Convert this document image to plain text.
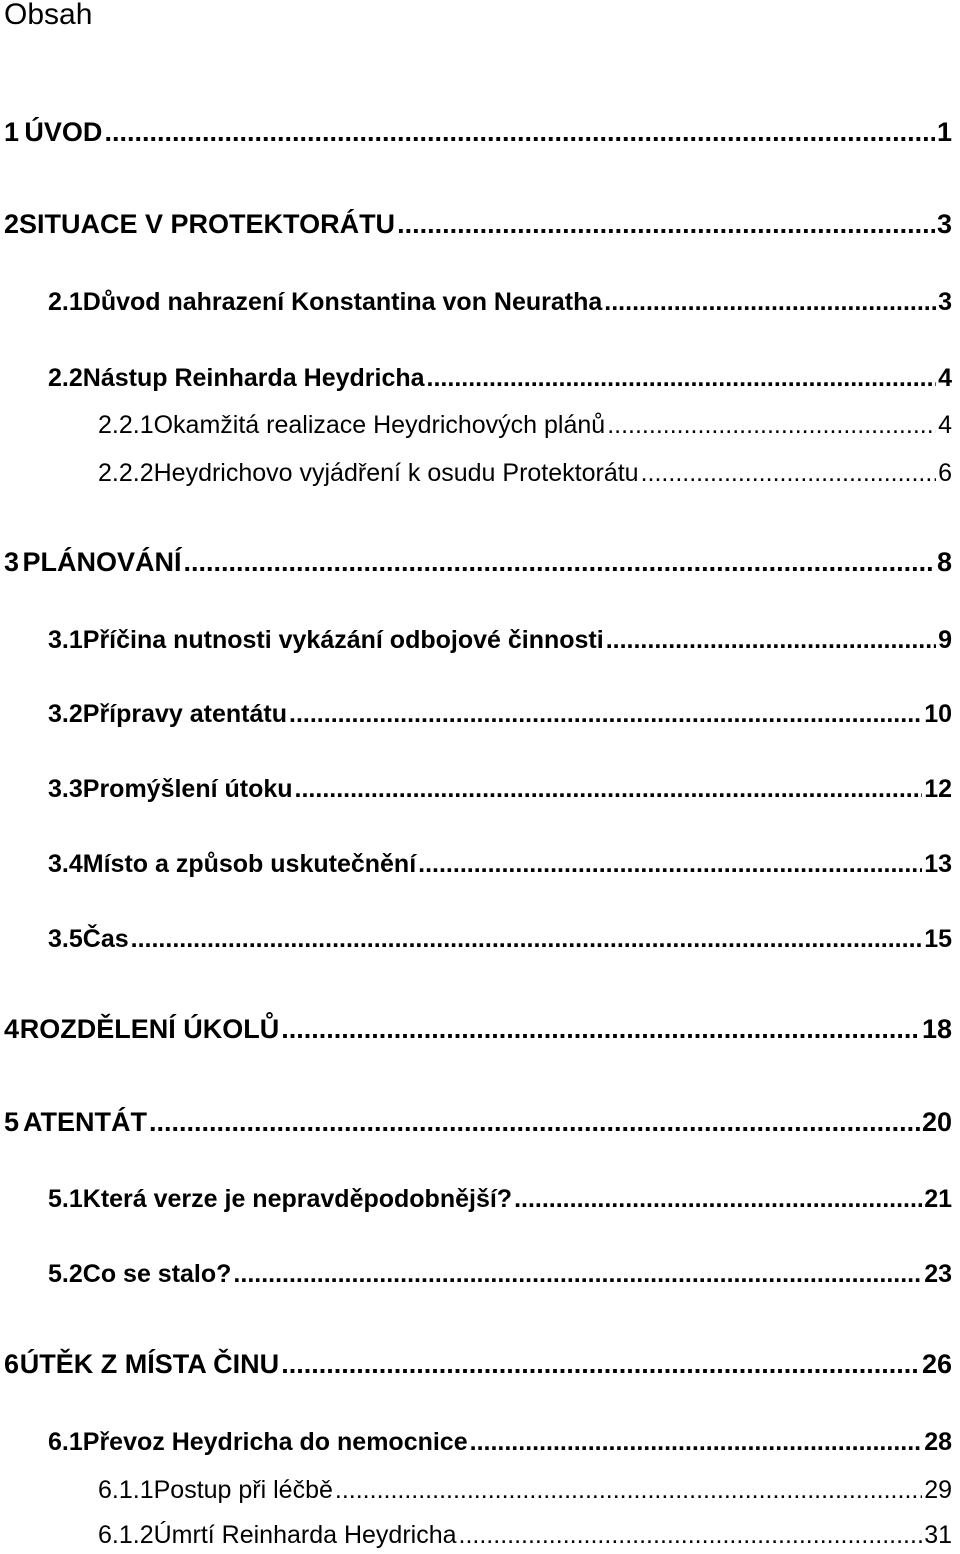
Obsah
1 ÚVOD .....	1
2 SITUACE V PROTEKTORÁTU .....	3
2.1 Důvod nahrazení Konstantina von Neuratha .....	3
2.2 Nástup Reinharda Heydricha .....	4
2.2.1 Okamžitá realizace Heydrichových plánů .....	4
2.2.2 Heydrichovo vyjádření k osudu Protektorátu .....	6
3 PLÁNOVÁNÍ .....	8
3.1 Příčina nutnosti vykázání odbojové činnosti .....	9
3.2 Přípravy atentátu .....	10
3.3 Promýšlení útoku .....	12
3.4 Místo a způsob uskutečnění .....	13
3.5 Čas .....	15
4 ROZDĚLENÍ ÚKOLŮ .....	18
5 ATENTÁT .....	20
5.1 Která verze je nepravděpodobnější? .....	21
5.2 Co se stalo? .....	23
6 ÚTĚK Z MÍSTA ČINU .....	26
6.1 Převoz Heydricha do nemocnice .....	28
6.1.1 Postup při léčbě .....	29
6.1.2 Úmrtí Reinharda Heydricha .....	31
